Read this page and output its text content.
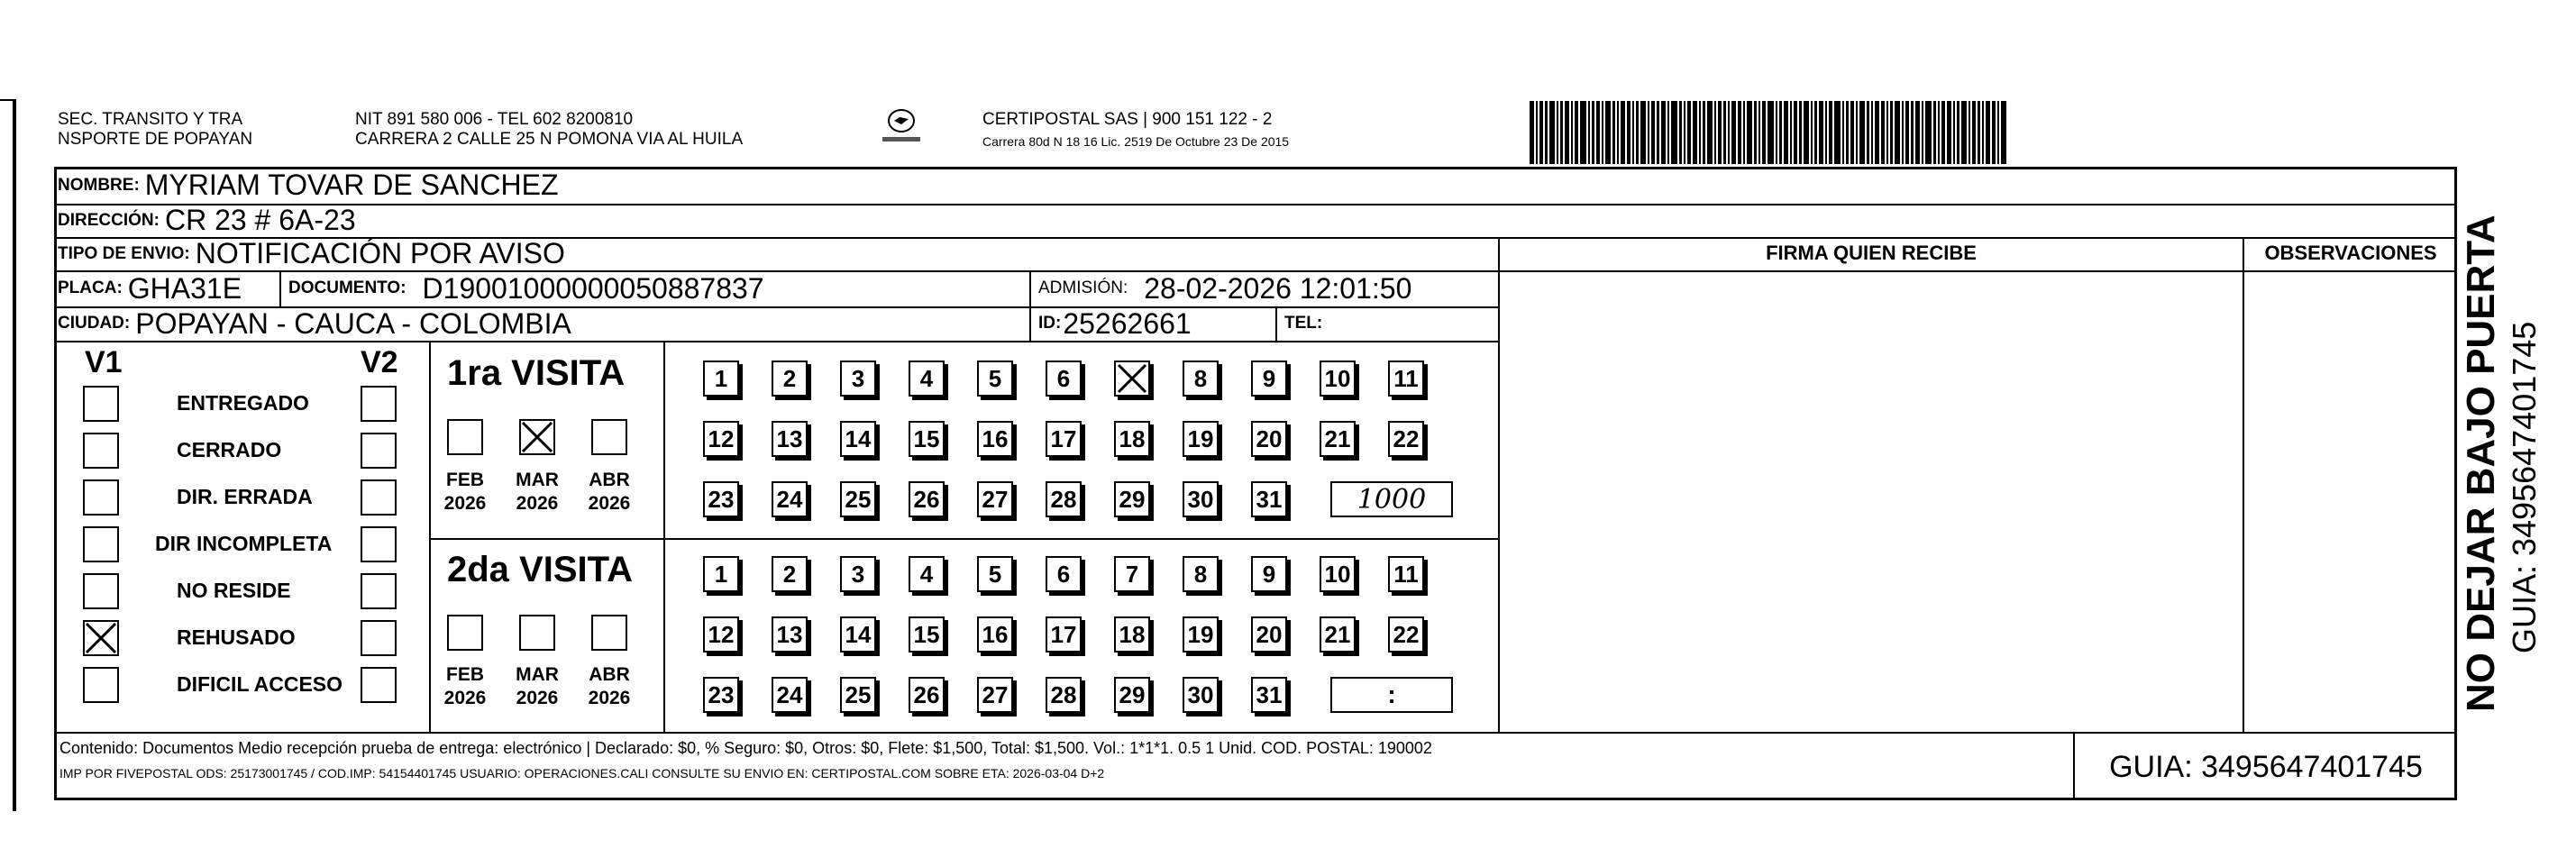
SEC. TRANSITO Y TRA
NSPORTE DE POPAYAN
NIT 891 580 006 - TEL 602 8200810
CARRERA 2 CALLE 25 N POMONA VIA AL HUILA
CERTIPOSTAL SAS | 900 151 122 - 2
Carrera 80d N 18 16 Lic. 2519 De Octubre 23 De 2015
NOMBRE: MYRIAM TOVAR DE SANCHEZ
DIRECCIÓN: CR 23 # 6A-23
TIPO DE ENVIO: NOTIFICACIÓN POR AVISO
PLACA: GHA31E	DOCUMENTO: D19001000000050887837	ADMISIÓN: 28-02-2026 12:01:50
CIUDAD: POPAYAN - CAUCA - COLOMBIA	ID: 25262661	TEL:
FIRMA QUIEN RECIBE	OBSERVACIONES
V1	V2
ENTREGADO
CERRADO
DIR. ERRADA
DIR INCOMPLETA
NO RESIDE
REHUSADO
DIFICIL ACCESO
1ra VISITA
FEB
2026
MAR
2026
ABR
2026
2da VISITA
FEB
2026
MAR
2026
ABR
2026
1 2 3 4 5 6	8 9 10 11
12 13 14 15 16 17 18 19 20 21 22
23 24 25 26 27 28 29 30 31	1000
1 2 3 4 5 6 7 8 9 10 11
12 13 14 15 16 17 18 19 20 21 22
23 24 25 26 27 28 29 30 31	:
Contenido: Documentos Medio recepción prueba de entrega: electrónico | Declarado: $0, % Seguro: $0, Otros: $0, Flete: $1,500, Total: $1,500. Vol.: 1*1*1. 0.5 1 Unid. COD. POSTAL: 190002
IMP POR FIVEPOSTAL ODS: 25173001745 / COD.IMP: 54154401745 USUARIO: OPERACIONES.CALI CONSULTE SU ENVIO EN: CERTIPOSTAL.COM SOBRE ETA: 2026-03-04 D+2	GUIA: 3495647401745
NO DEJAR BAJO PUERTA GUIA: 3495647401745
